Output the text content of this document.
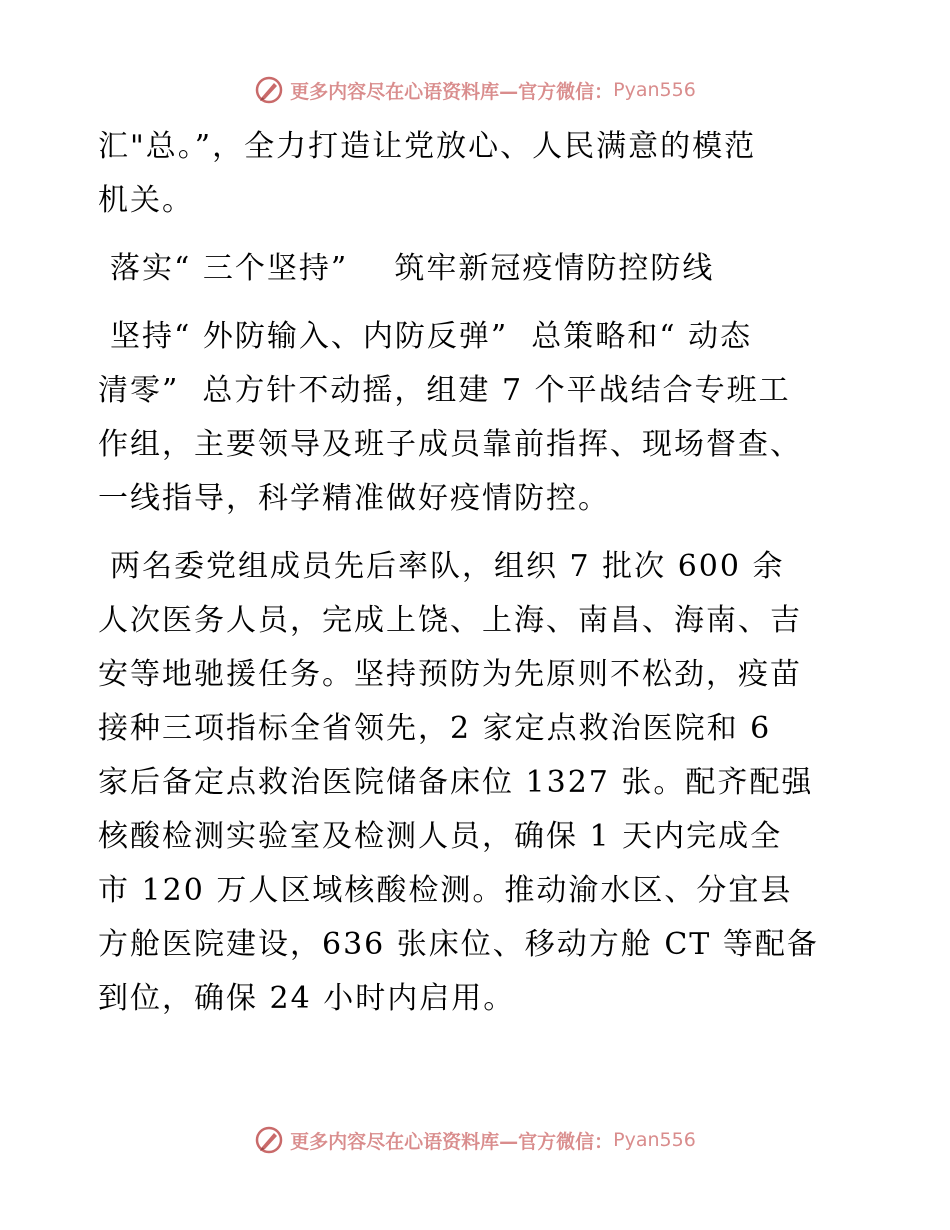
更多内容尽在心语资料库—官方微信： Pyan556
汇"总。”，全力打造让党放心、人民满意的模范
机关。
落实“ 三个坚持”    筑牢新冠疫情防控防线
坚持“ 外防输入、内防反弹”  总策略和“ 动态
清零”  总方针不动摇，组建 7 个平战结合专班工
作组，主要领导及班子成员靠前指挥、现场督查、
一线指导，科学精准做好疫情防控。
两名委党组成员先后率队，组织 7 批次 600 余
人次医务人员，完成上饶、上海、南昌、海南、吉
安等地驰援任务。坚持预防为先原则不松劲，疫苗
接种三项指标全省领先，2 家定点救治医院和 6
家后备定点救治医院储备床位 1327 张。配齐配强
核酸检测实验室及检测人员，确保 1 天内完成全
市 120 万人区域核酸检测。推动渝水区、分宜县
方舱医院建设，636 张床位、移动方舱 CT 等配备
到位，确保 24 小时内启用。
更多内容尽在心语资料库—官方微信： Pyan556
